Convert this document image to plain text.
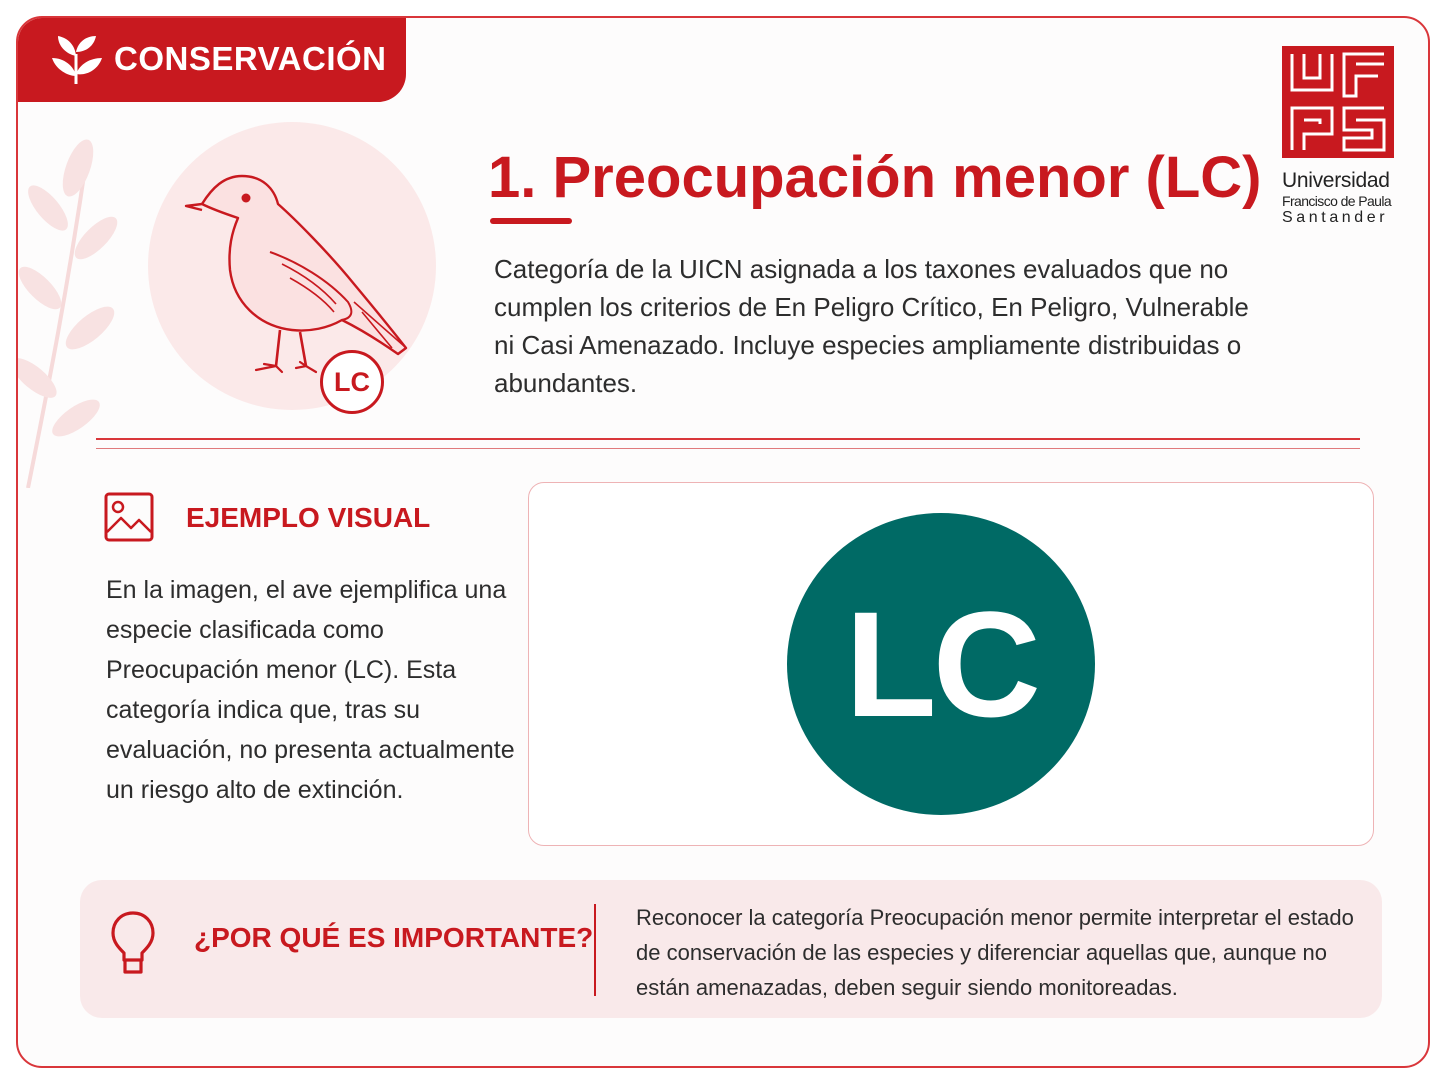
CONSERVACIÓN
LC
1. Preocupación menor (LC)

Categoría de la UICN asignada a los taxones evaluados que no cumplen los criterios de En Peligro Crítico, En Peligro, Vulnerable ni Casi Amenazado. Incluye especies ampliamente distribuidas o abundantes.

Universidad
Francisco de Paula
Santander
EJEMPLO VISUAL

En la imagen, el ave ejemplifica una especie clasificada como Preocupación menor (LC). Esta categoría indica que, tras su evaluación, no presenta actualmente un riesgo alto de extinción.

LC
¿POR QUÉ ES IMPORTANTE?

Reconocer la categoría Preocupación menor permite interpretar el estado de conservación de las especies y diferenciar aquellas que, aunque no están amenazadas, deben seguir siendo monitoreadas.
